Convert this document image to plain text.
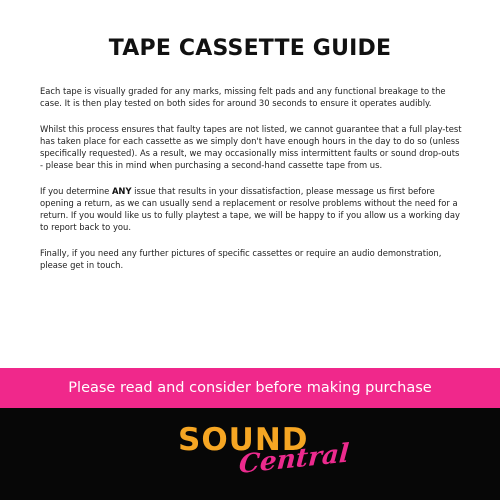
TAPE CASSETTE GUIDE

Each tape is visually graded for any marks, missing felt pads and any functional breakage to the case. It is then play tested on both sides for around 30 seconds to ensure it operates audibly.

Whilst this process ensures that faulty tapes are not listed, we cannot guarantee that a full play-test has taken place for each cassette as we simply don't have enough hours in the day to do so (unless specifically requested). As a result, we may occasionally miss intermittent faults or sound drop-outs - please bear this in mind when purchasing a second-hand cassette tape from us.

If you determine ANY issue that results in your dissatisfaction, please message us first before opening a return, as we can usually send a replacement or resolve problems without the need for a return. If you would like us to fully playtest a tape, we will be happy to if you allow us a working day to report back to you.

Finally, if you need any further pictures of specific cassettes or require an audio demonstration, please get in touch.

Please read and consider before making purchase
SOUND
Central
